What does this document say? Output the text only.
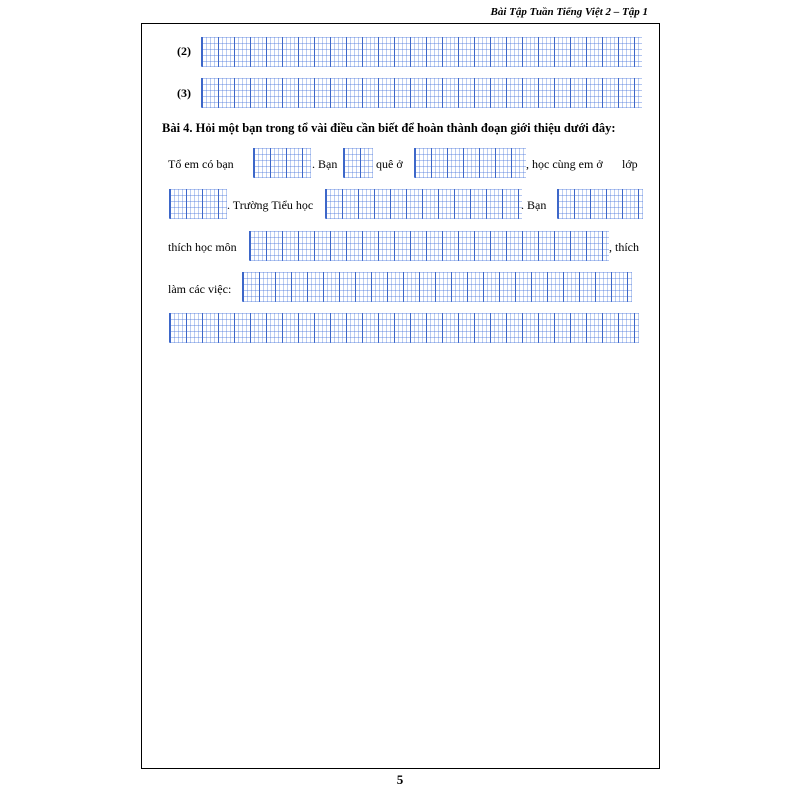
Bài Tập Tuần Tiếng Việt 2 – Tập 1
(2)
(3)
Bài 4. Hỏi một bạn trong tổ vài điều cần biết để hoàn thành đoạn giới thiệu dưới đây:
Tổ em có bạn	. Bạn	quê ở	, học cùng em ở lớp
. Trường Tiểu học	. Bạn
thích học môn	, thích
làm các việc:
5
